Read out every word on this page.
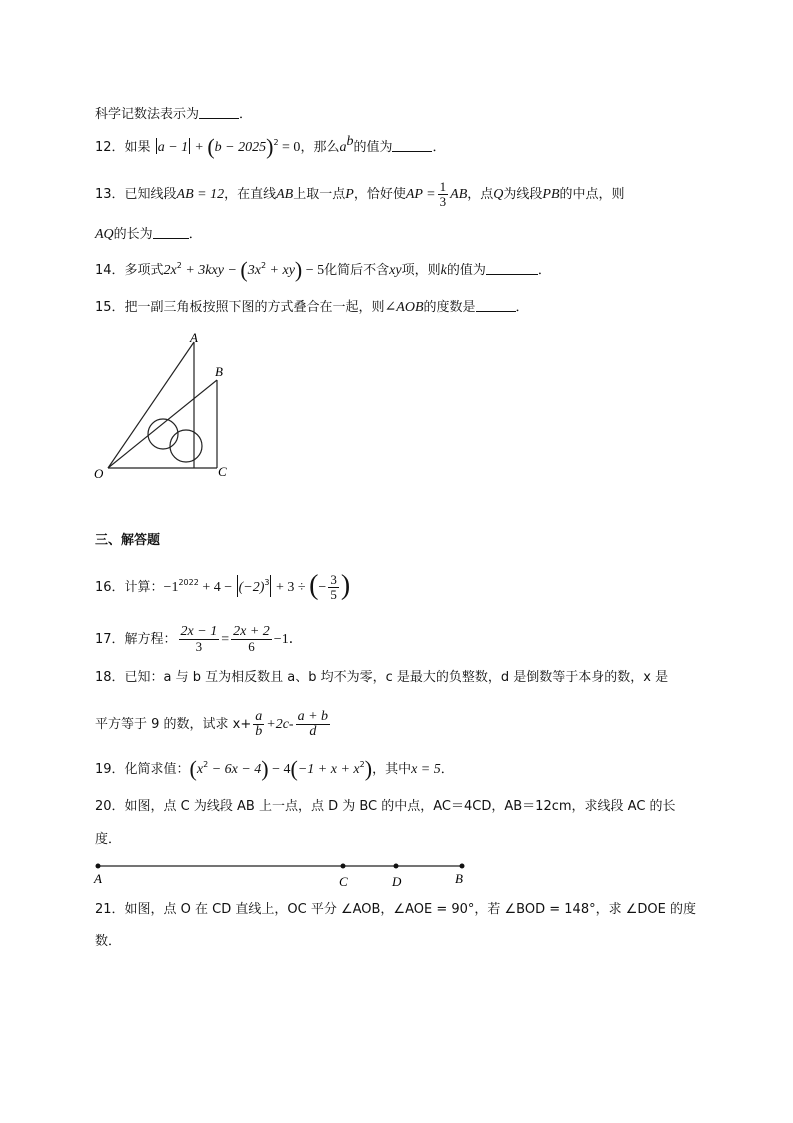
科学记数法表示为	．
12．如果 $a - 1 + (b - 2025)^2 = 0$，那么$a^b$的值为	．
13．已知线段AB = 12，在直线AB上取一点P，恰好使AP = $\frac{1}{3}$ AB，点Q为线段PB的中点，则
AQ的长为	．
14．多项式$2x^2 + 3kxy - (3x^2 + xy) - 5$化简后不含xy项，则k的值为	．
15．把一副三角板按照下图的方式叠合在一起，则∠AOB的度数是	．
A
B
O	C
三、解答题
16．计算：$-1^{2022} + 4 - (-2)^3 + 3$ ÷ (− $\frac{3}{5}$ )
17．解方程： $\frac{2x - 1}{3} = \frac{2x + 2}{6} -1$．
18．已知：a 与 b 互为相反数且 a、b 均不为零，c 是最大的负整数，d 是倒数等于本身的数，x 是
平方等于 9 的数，试求 $x+ \frac{a}{b} +2c- \frac{a + b}{d}$
19．化简求值：$(x^2 - 6x - 4) - 4(-1 + x + x^2)$，其中x = 5．
20．如图，点 C 为线段 AB 上一点，点 D 为 BC 的中点，AC＝4CD，AB＝12cm，求线段 AC 的长
度．
A	C	D	B
21．如图，点 O 在 CD 直线上，OC 平分 ∠AOB，∠AOE = 90°，若 ∠BOD = 148°，求 ∠DOE 的度
数．
